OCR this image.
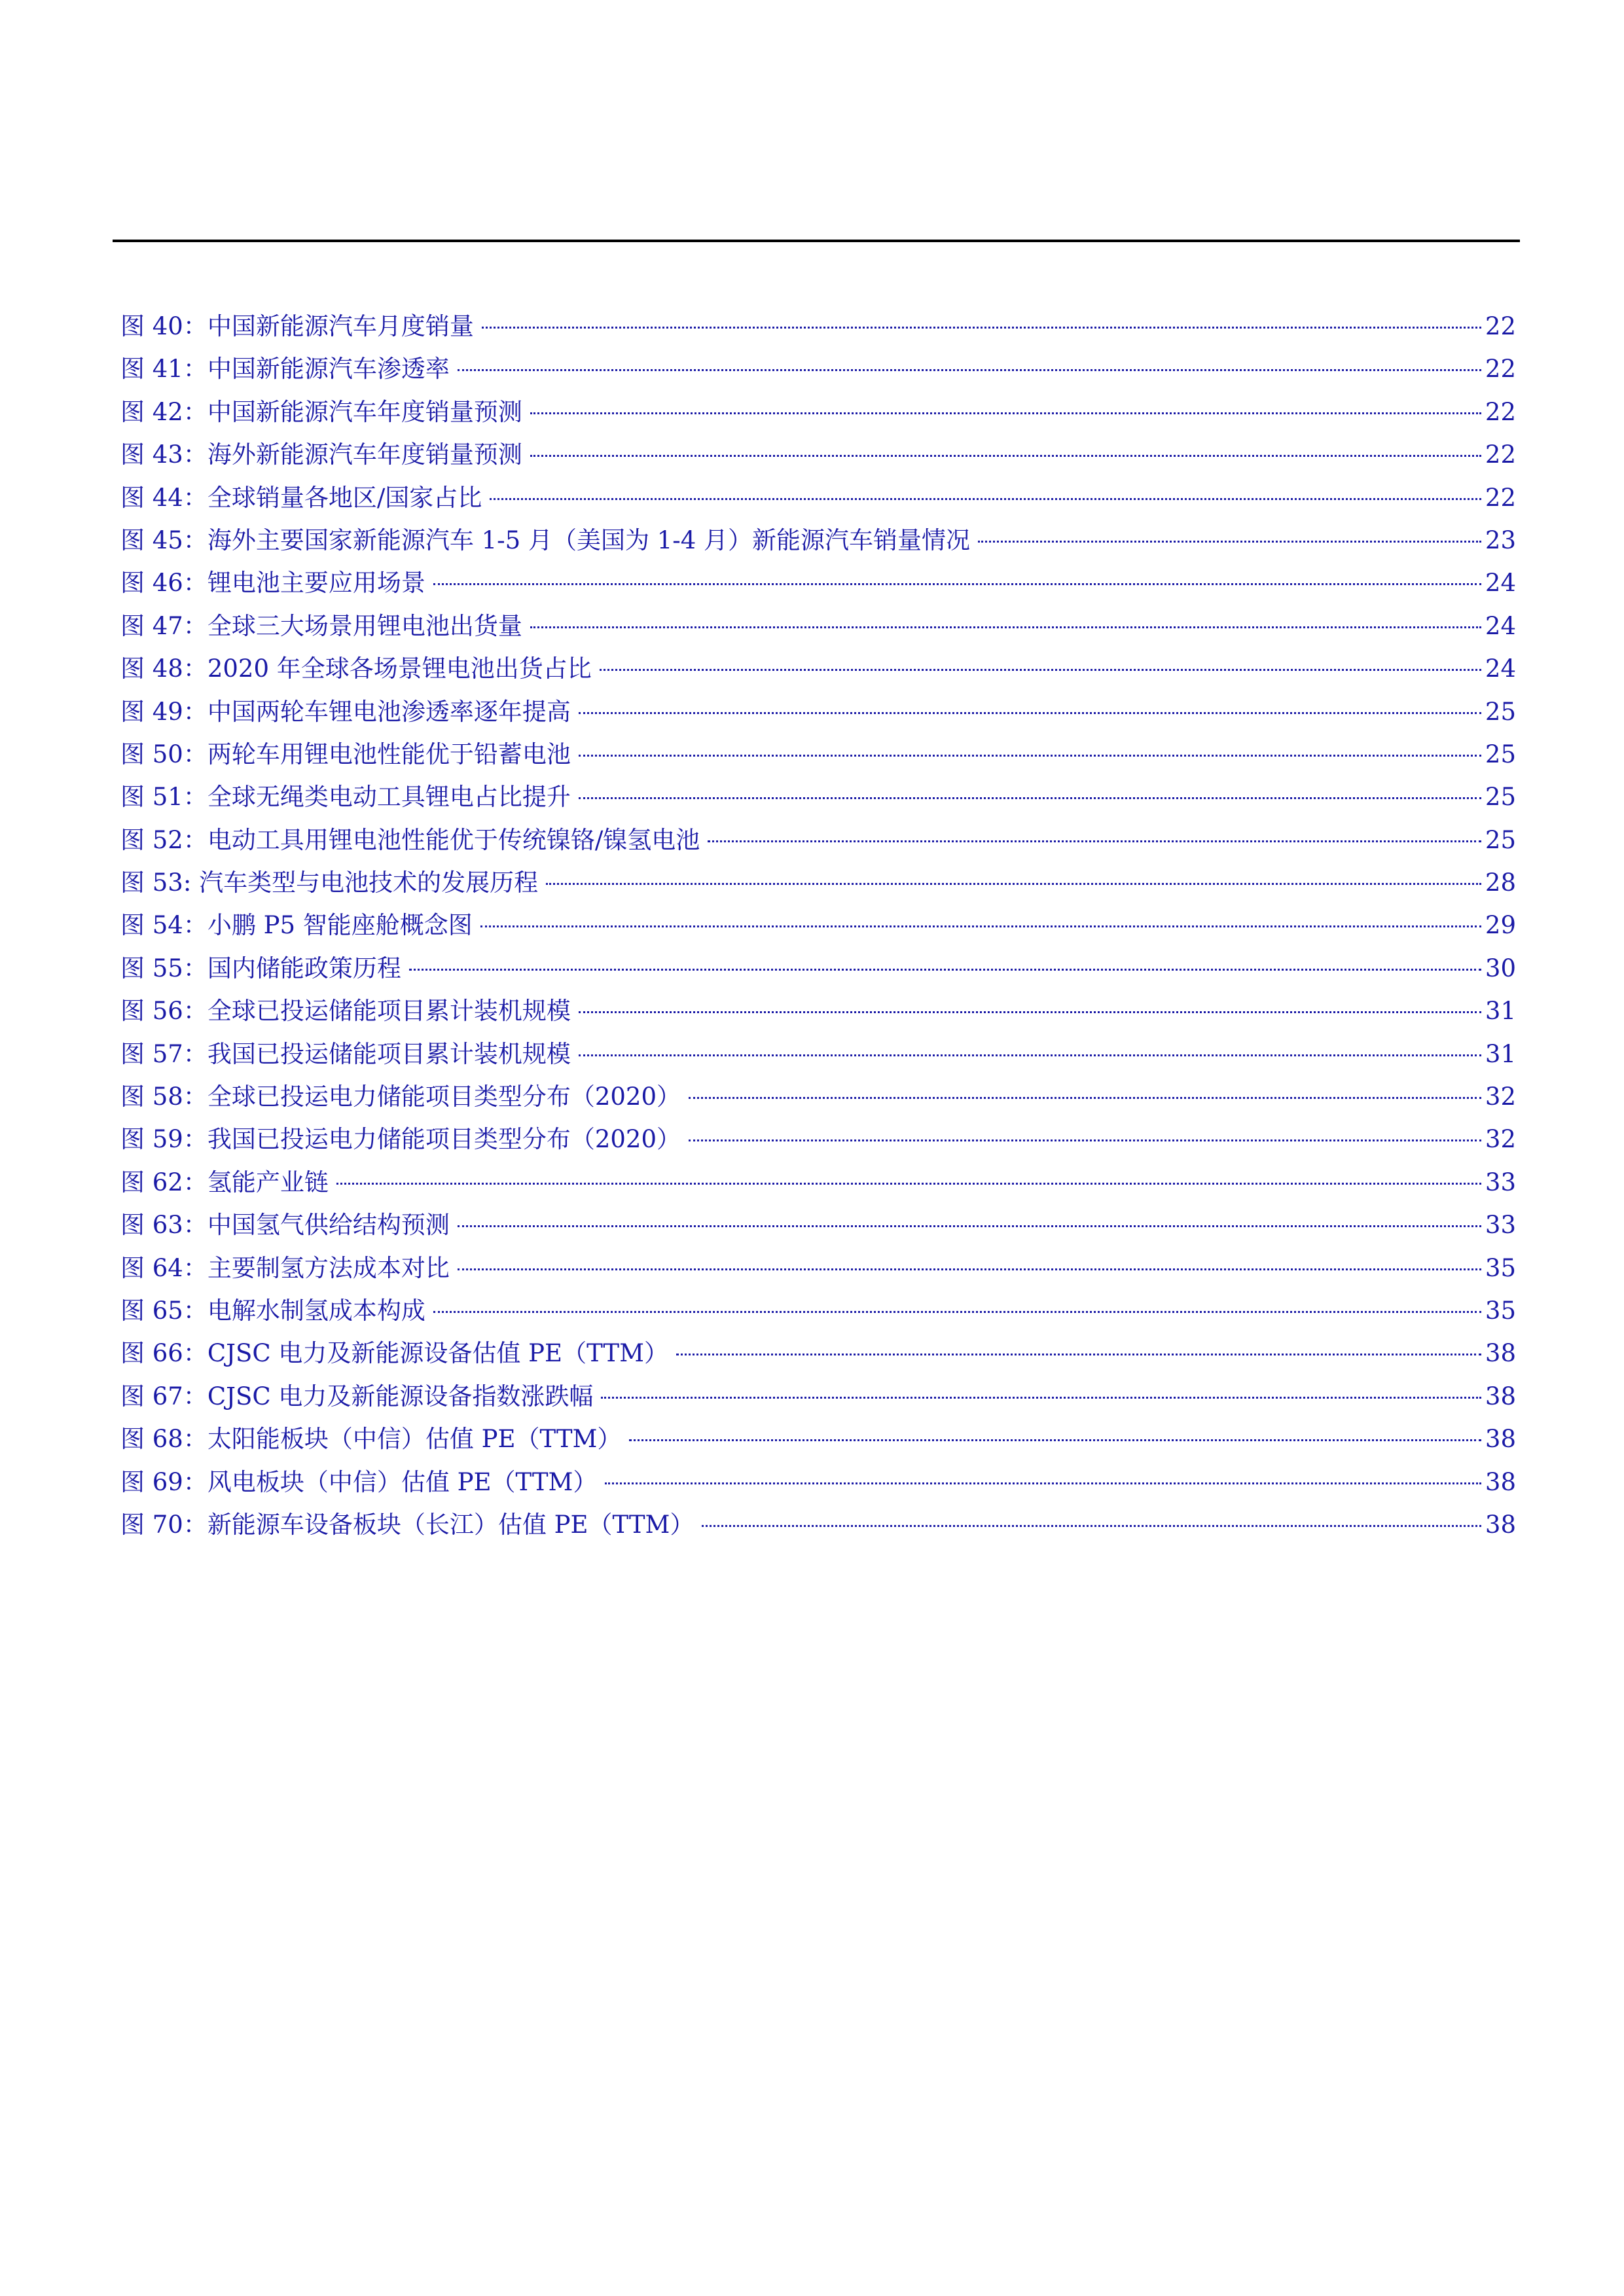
图 40：中国新能源汽车月度销量	22
图 41：中国新能源汽车渗透率	22
图 42：中国新能源汽车年度销量预测	22
图 43：海外新能源汽车年度销量预测	22
图 44：全球销量各地区/国家占比	22
图 45：海外主要国家新能源汽车 1-5 月（美国为 1-4 月）新能源汽车销量情况	23
图 46：锂电池主要应用场景	24
图 47：全球三大场景用锂电池出货量	24
图 48：2020 年全球各场景锂电池出货占比	24
图 49：中国两轮车锂电池渗透率逐年提高	25
图 50：两轮车用锂电池性能优于铅蓄电池	25
图 51：全球无绳类电动工具锂电占比提升	25
图 52：电动工具用锂电池性能优于传统镍铬/镍氢电池	25
图 53: 汽车类型与电池技术的发展历程	28
图 54：小鹏 P5 智能座舱概念图	29
图 55：国内储能政策历程	30
图 56：全球已投运储能项目累计装机规模	31
图 57：我国已投运储能项目累计装机规模	31
图 58：全球已投运电力储能项目类型分布（2020）	32
图 59：我国已投运电力储能项目类型分布（2020）	32
图 62：氢能产业链	33
图 63：中国氢气供给结构预测	33
图 64：主要制氢方法成本对比	35
图 65：电解水制氢成本构成	35
图 66：CJSC 电力及新能源设备估值 PE（TTM）	38
图 67：CJSC 电力及新能源设备指数涨跌幅	38
图 68：太阳能板块（中信）估值 PE（TTM）	38
图 69：风电板块（中信）估值 PE（TTM）	38
图 70：新能源车设备板块（长江）估值 PE（TTM）	38
